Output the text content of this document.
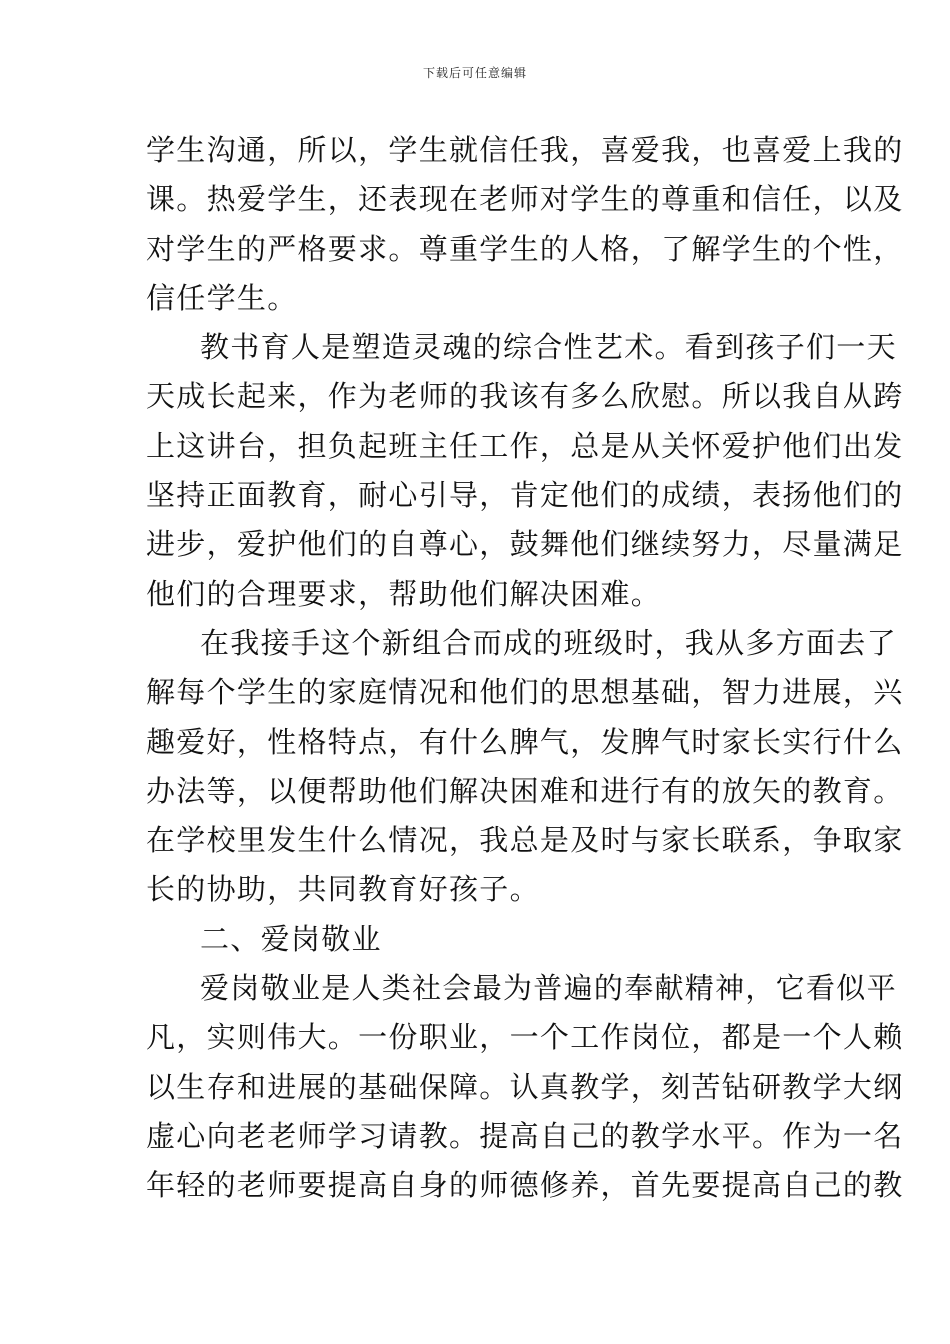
下载后可任意编辑
学生沟通，所以，学生就信任我，喜爱我，也喜爱上我的
课。热爱学生，还表现在老师对学生的尊重和信任，以及
对学生的严格要求。尊重学生的人格，了解学生的个性，
信任学生。
教书育人是塑造灵魂的综合性艺术。看到孩子们一天
天成长起来，作为老师的我该有多么欣慰。所以我自从跨
上这讲台，担负起班主任工作，总是从关怀爱护他们出发
坚持正面教育，耐心引导，肯定他们的成绩，表扬他们的
进步，爱护他们的自尊心，鼓舞他们继续努力，尽量满足
他们的合理要求，帮助他们解决困难。
在我接手这个新组合而成的班级时，我从多方面去了
解每个学生的家庭情况和他们的思想基础，智力进展，兴
趣爱好，性格特点，有什么脾气，发脾气时家长实行什么
办法等，以便帮助他们解决困难和进行有的放矢的教育。
在学校里发生什么情况，我总是及时与家长联系，争取家
长的协助，共同教育好孩子。
二、爱岗敬业
爱岗敬业是人类社会最为普遍的奉献精神，它看似平
凡，实则伟大。一份职业，一个工作岗位，都是一个人赖
以生存和进展的基础保障。认真教学，刻苦钻研教学大纲
虚心向老老师学习请教。提高自己的教学水平。作为一名
年轻的老师要提高自身的师德修养，首先要提高自己的教
